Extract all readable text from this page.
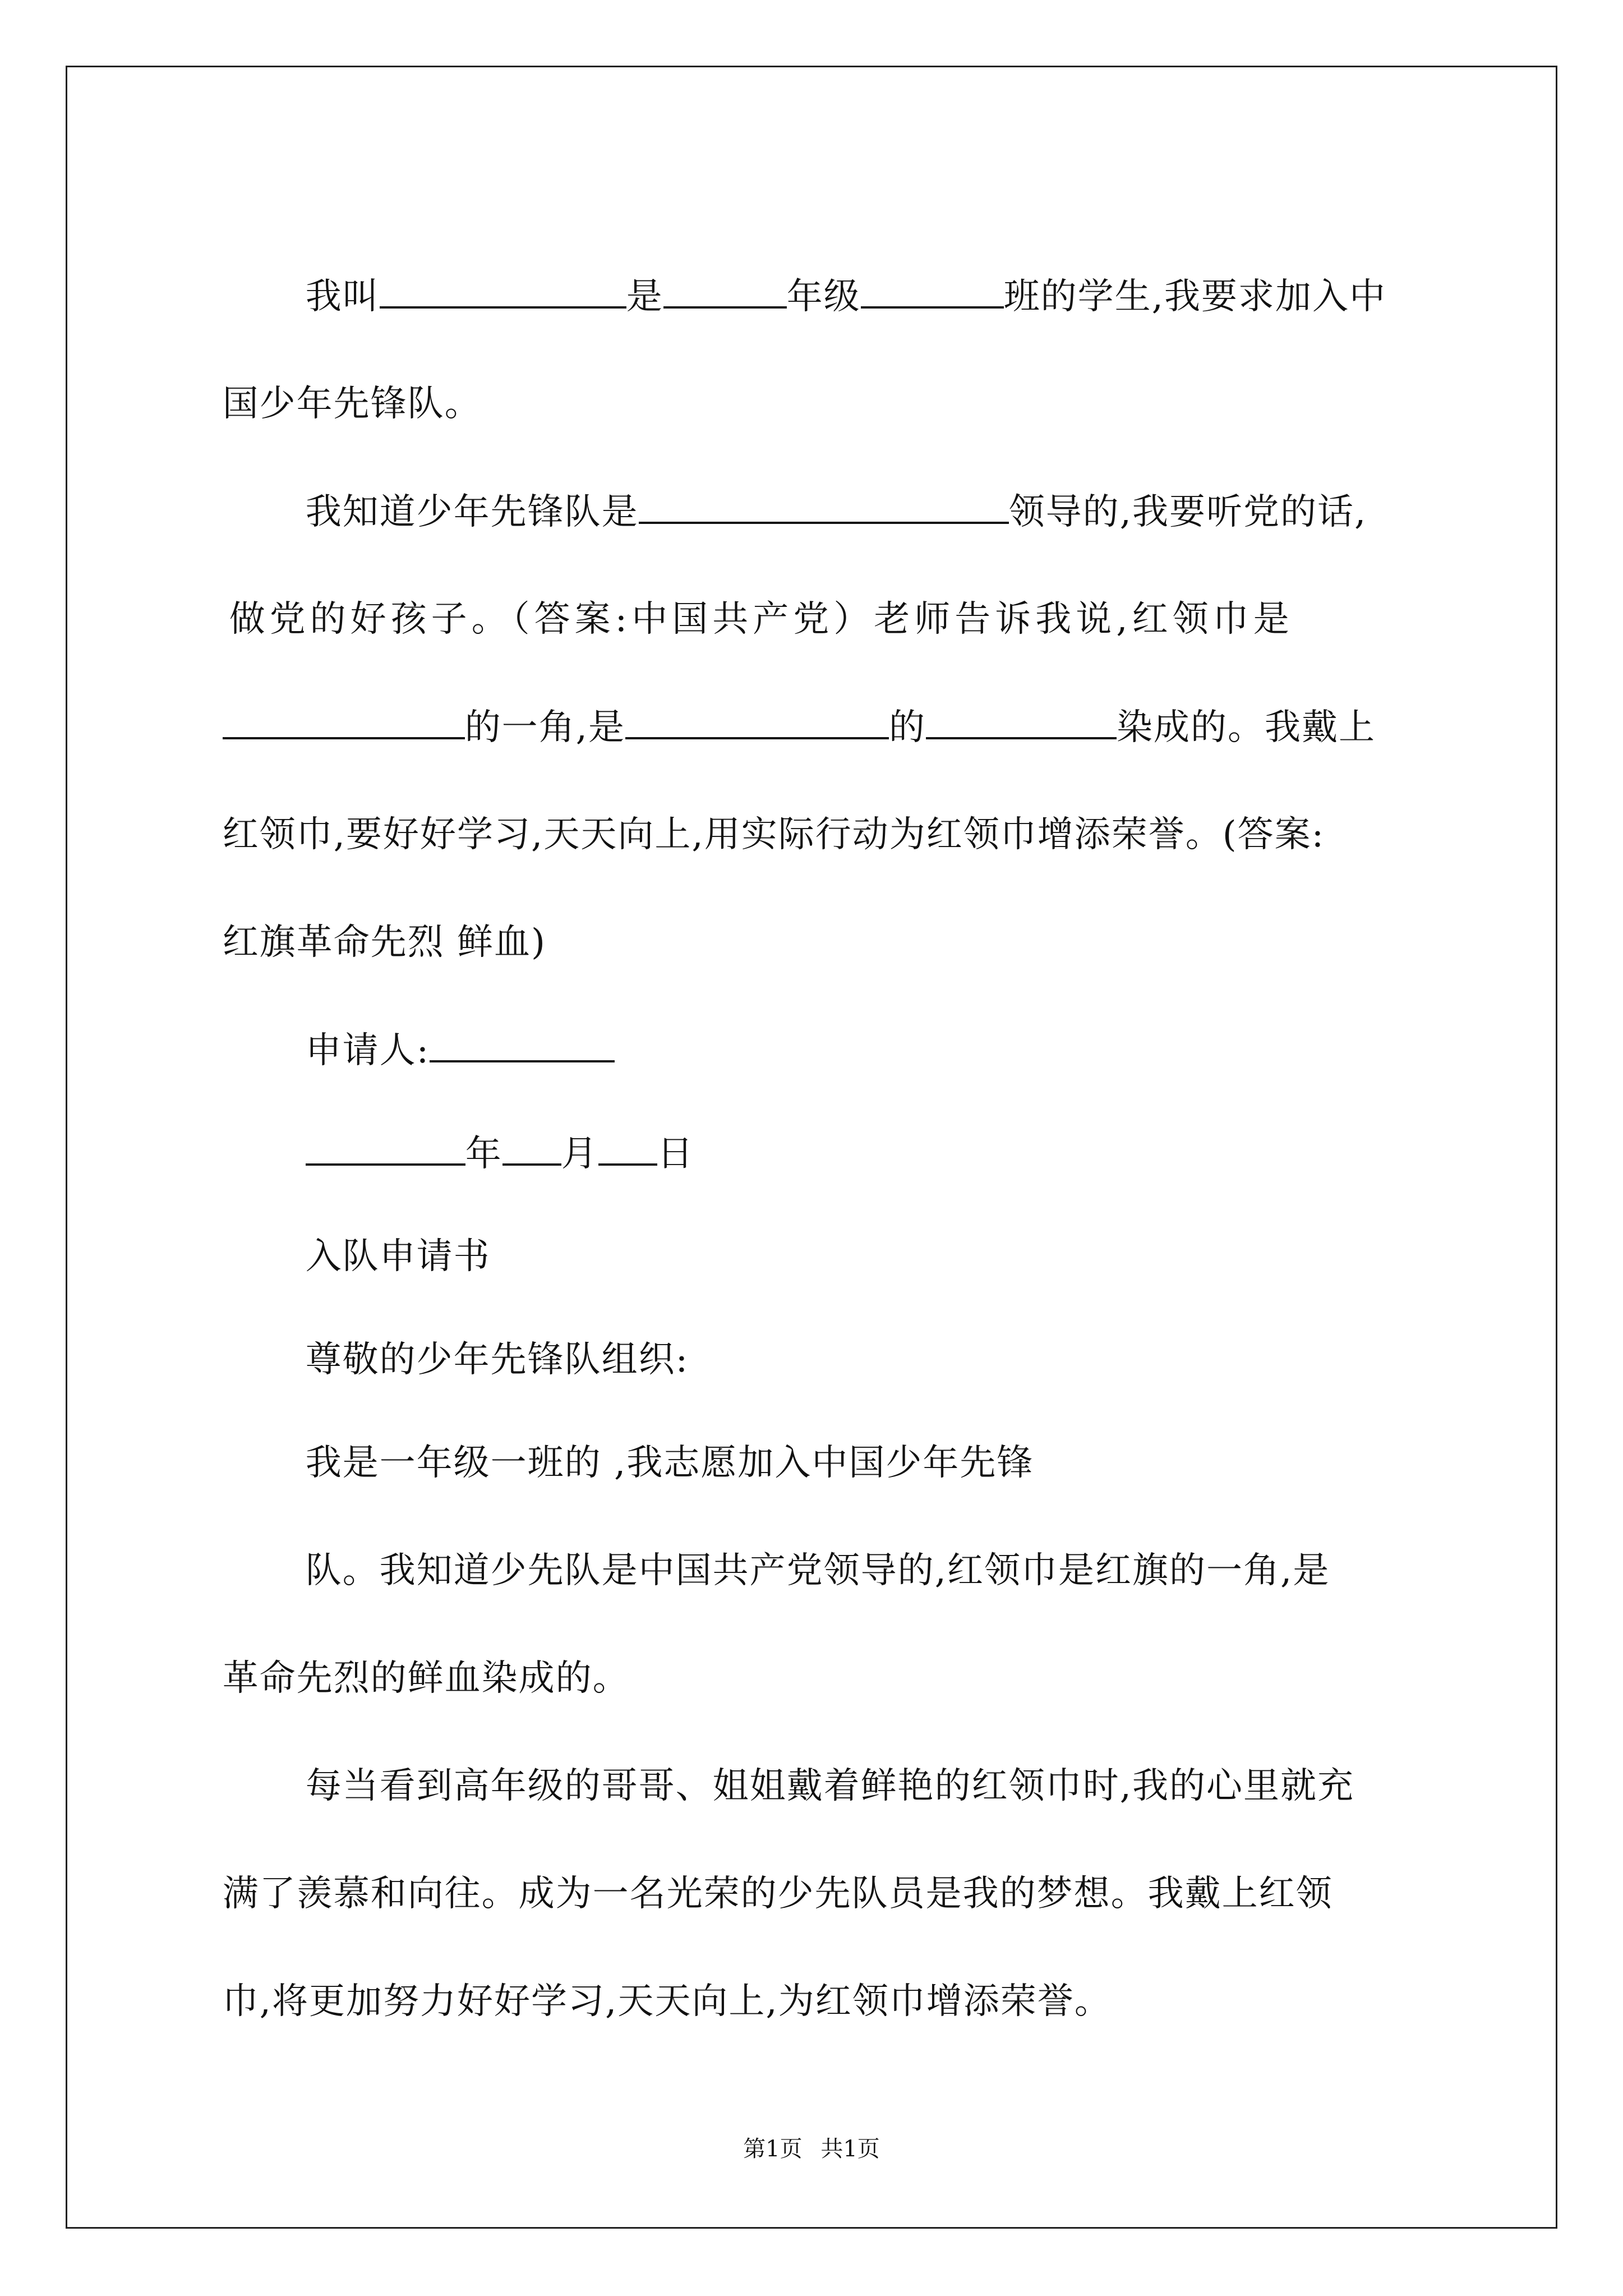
我叫	是	年级	班的学生,我要求加入中

国少年先锋队。

我知道少年先锋队是	领导的,我要听党的话,

做党的好孩子。（答案:中国共产党）老师告诉我说,红领巾是

的一角,是	的	染成的。我戴上

红领巾,要好好学习,天天向上,用实际行动为红领巾增添荣誉。(答案:

红旗革命先烈 鲜血)

申请人:

年 月 日

入队申请书

尊敬的少年先锋队组织:

我是一年级一班的 ,我志愿加入中国少年先锋

队。我知道少先队是中国共产党领导的,红领巾是红旗的一角,是

革命先烈的鲜血染成的。

每当看到高年级的哥哥、姐姐戴着鲜艳的红领巾时,我的心里就充

满了羡慕和向往。成为一名光荣的少先队员是我的梦想。我戴上红领

巾,将更加努力好好学习,天天向上,为红领巾增添荣誉。

第1页 共1页
